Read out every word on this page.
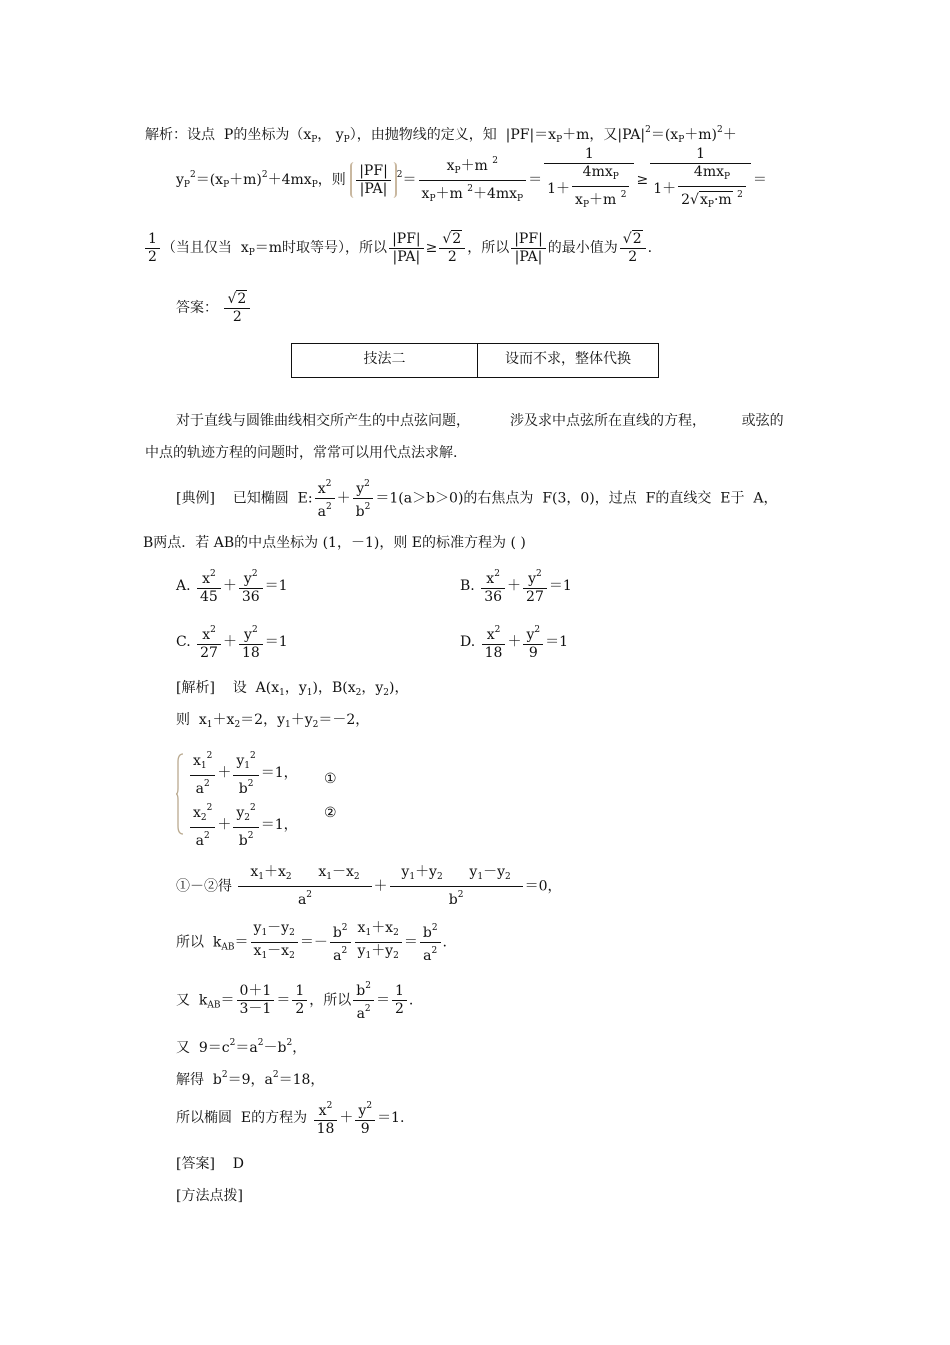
解析：设点  P的坐标为（$x_P$， $y_P$），由抛物线的定义，知  $|PF|=x_P+m$，又$|PA|^2=(x_P+m)^2+$
$y_P^2=(x_P+m)^2+4mx_P$，则 $\frac{|PF|}{|PA|} ^2= \frac{x_P+m ^2}{x_P+m ^2+4mx_P} = \frac{1}{1+ \frac{4mx_P}{x_P+m ^2}} \ge \frac{1}{1+ \frac{4mx_P}{2√x_P\cdot m ^2}}$ ＝
$\frac{1}{2}$ （当且仅当  $x_P=m$时取等号），所以 $\frac{|PF|}{|PA|} \ge \frac{√2}{2}$ ，所以 $\frac{|PF|}{|PA|}$ 的最小值为 $\frac{√2}{2}$ .
答案： $\frac{√2}{2}$
技法二	设而不求，整体代换
对于直线与圆锥曲线相交所产生的中点弦问题，         涉及求中点弦所在直线的方程，        或弦的
中点的轨迹方程的问题时，常常可以用代点法求解.
[典例]    已知椭圆  E: $\frac{x^2}{a^2} + \frac{y^2}{b^2} =1(a>b>0)$的右焦点为  F(3，0)，过点  F的直线交  E于  A，
B两点．若 AB的中点坐标为 (1，－1)，则 E的标准方程为 ( )
A. $\frac{x^2}{45} + \frac{y^2}{36} =1$	B. $\frac{x^2}{36} + \frac{y^2}{27} =1$
C. $\frac{x^2}{27} + \frac{y^2}{18} =1$	D. $\frac{x^2}{18} + \frac{y^2}{9} =1$
[解析]    设  $A(x_1$，$y_1$)，$B(x_2$，$y_2$)，
则  $x_1+x_2=2$，$y_1+y_2=-2$，
$\frac{x_1^2}{a^2} + \frac{y_1^2}{b^2} =1$， ①
$\frac{x_2^2}{a^2} + \frac{y_2^2}{b^2} =1$，
②
①－②得 $\frac{x_1+x_2 x_1-x_2}{a^2} + \frac{y_1+y_2 y_1-y_2}{b^2} =0$，
所以  $k_{AB}= \frac{y_1-y_2}{x_1-x_2} =- \frac{b^2}{a^2} \frac{x_1+x_2}{y_1+y_2} = \frac{b^2}{a^2}$ .
又  $k_{AB}= \frac{0+1}{3-1} = \frac{1}{2}$ ，所以 $\frac{b^2}{a^2} = \frac{1}{2}$ .
又  $9=c^2=a^2-b^2$，
解得  $b^2=9$，$a^2=18$，
所以椭圆  E的方程为 $\frac{x^2}{18} + \frac{y^2}{9} =1$.
[答案] D
[方法点拨]
